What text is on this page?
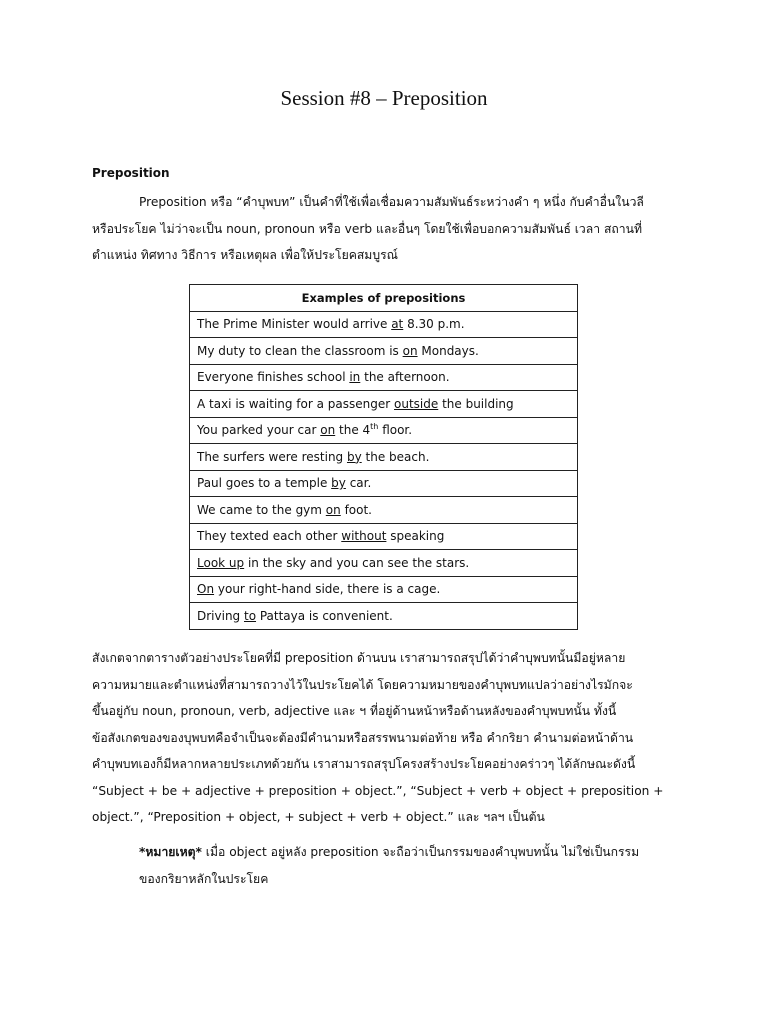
Session #8 – Preposition
Preposition
Preposition หรือ “คำบุพบท” เป็นคำที่ใช้เพื่อเชื่อมความสัมพันธ์ระหว่างคำ ๆ หนึ่ง กับคำอื่นในวลี
หรือประโยค ไม่ว่าจะเป็น noun, pronoun หรือ verb และอื่นๆ โดยใช้เพื่อบอกความสัมพันธ์ เวลา สถานที่
ตำแหน่ง ทิศทาง วิธีการ หรือเหตุผล เพื่อให้ประโยคสมบูรณ์
Examples of prepositions
The Prime Minister would arrive at 8.30 p.m.
My duty to clean the classroom is on Mondays.
Everyone finishes school in the afternoon.
A taxi is waiting for a passenger outside the building
You parked your car on the 4th floor.
The surfers were resting by the beach.
Paul goes to a temple by car.
We came to the gym on foot.
They texted each other without speaking
Look up in the sky and you can see the stars.
On your right-hand side, there is a cage.
Driving to Pattaya is convenient.
สังเกตจากตารางตัวอย่างประโยคที่มี preposition ด้านบน เราสามารถสรุปได้ว่าคำบุพบทนั้นมีอยู่หลาย
ความหมายและตำแหน่งที่สามารถวางไว้ในประโยคได้ โดยความหมายของคำบุพบทแปลว่าอย่างไรมักจะ
ขึ้นอยู่กับ noun, pronoun, verb, adjective และ ฯ ที่อยู่ด้านหน้าหรือด้านหลังของคำบุพบทนั้น ทั้งนี้
ข้อสังเกตของของบุพบทคือจำเป็นจะต้องมีคำนามหรือสรรพนามต่อท้าย หรือ คำกริยา คำนามต่อหน้าด้าน
คำบุพบทเองก็มีหลากหลายประเภทด้วยกัน เราสามารถสรุปโครงสร้างประโยคอย่างคร่าวๆ ได้ลักษณะดังนี้
“Subject + be + adjective + preposition + object.”, “Subject + verb + object + preposition +
object.”, “Preposition + object, + subject + verb + object.” และ ฯลฯ เป็นต้น
*หมายเหตุ* เมื่อ object อยู่หลัง preposition จะถือว่าเป็นกรรมของคำบุพบทนั้น ไม่ใช่เป็นกรรม
ของกริยาหลักในประโยค
